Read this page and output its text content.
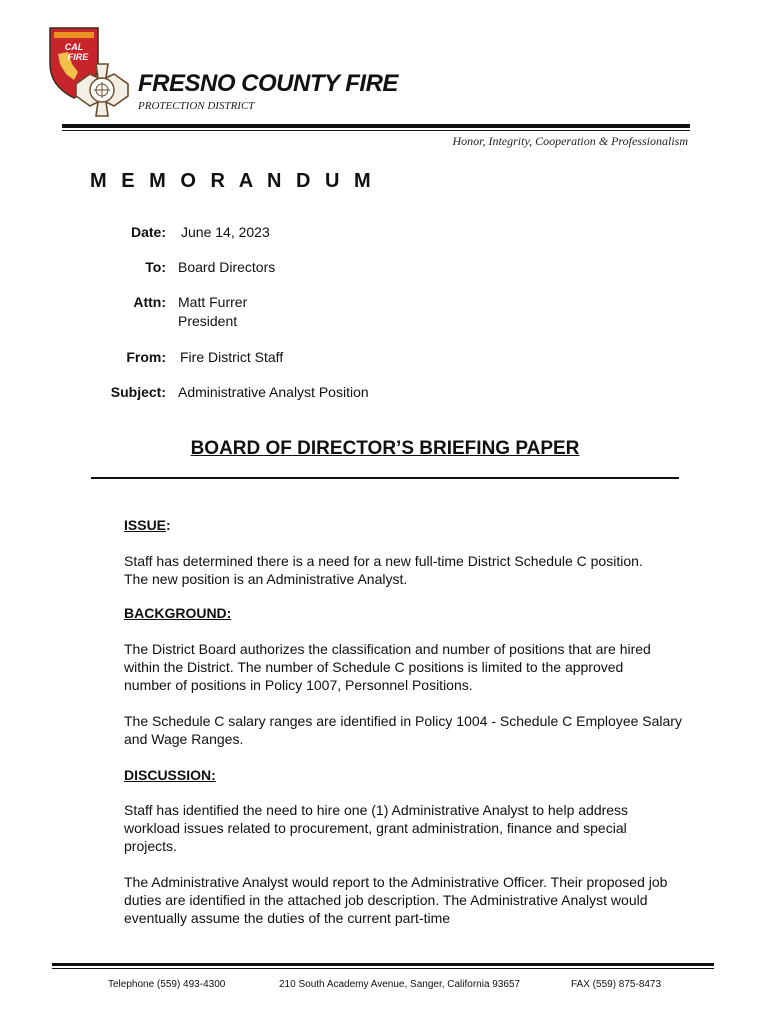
CAL
FIRE
FRESNO COUNTY FIRE
PROTECTION DISTRICT
Honor, Integrity, Cooperation & Professionalism
M E M O R A N D U M
Date: June 14, 2023
To: Board Directors
Attn: Matt Furrer
President
From: Fire District Staff
Subject: Administrative Analyst Position
BOARD OF DIRECTOR’S BRIEFING PAPER
ISSUE:

Staff has determined there is a need for a new full-time District Schedule C position. The new position is an Administrative Analyst.

BACKGROUND:

The District Board authorizes the classification and number of positions that are hired within the District. The number of Schedule C positions is limited to the approved number of positions in Policy 1007, Personnel Positions.

The Schedule C salary ranges are identified in Policy 1004 - Schedule C Employee Salary and Wage Ranges.

DISCUSSION:

Staff has identified the need to hire one (1) Administrative Analyst to help address workload issues related to procurement, grant administration, finance and special projects.

The Administrative Analyst would report to the Administrative Officer. Their proposed job duties are identified in the attached job description. The Administrative Analyst would eventually assume the duties of the current part-time

Telephone (559) 493-4300	210 South Academy Avenue, Sanger, California 93657	FAX (559) 875-8473
